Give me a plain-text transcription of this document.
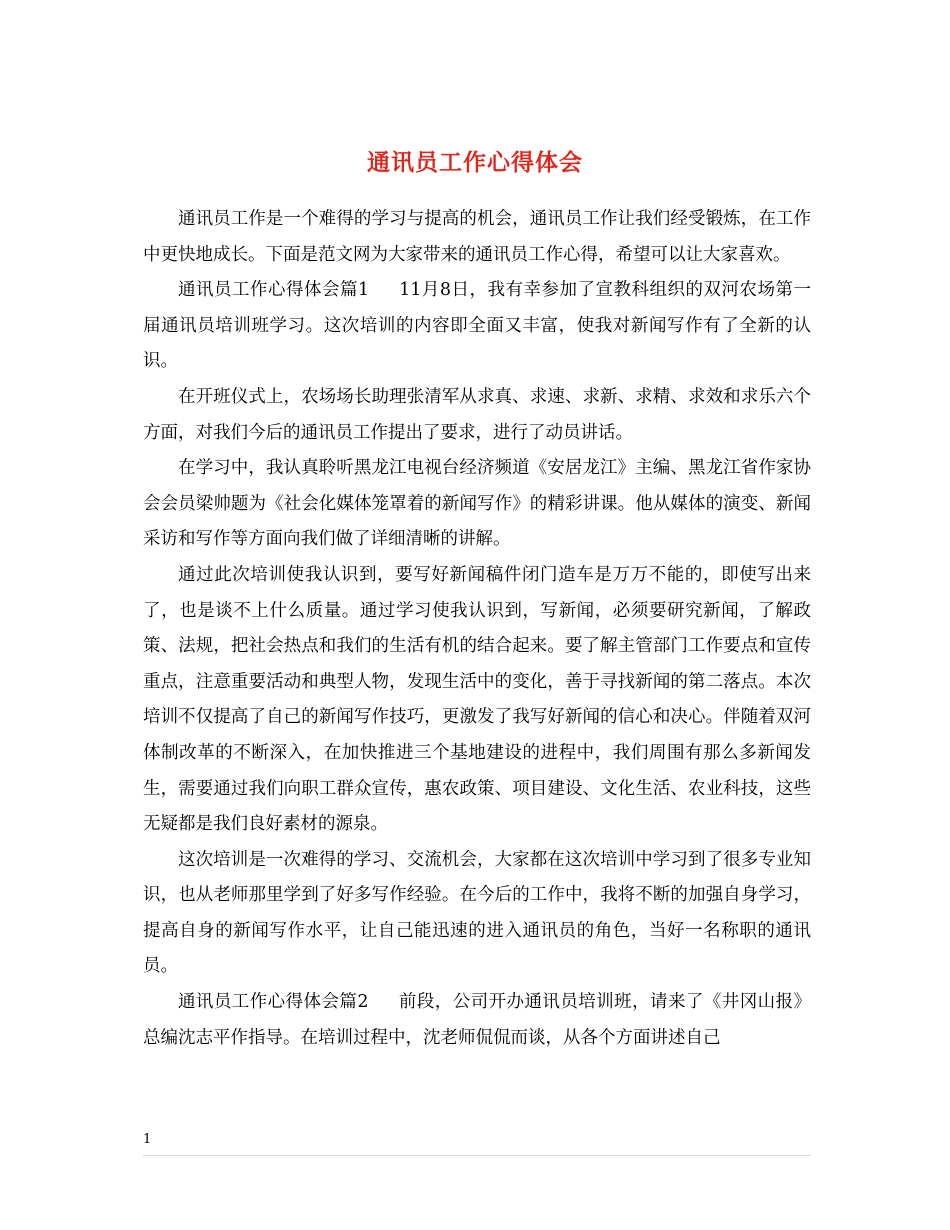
通讯员工作心得体会

通讯员工作是一个难得的学习与提高的机会，通讯员工作让我们经受锻炼，在工作中更快地成长。下面是范文网为大家带来的通讯员工作心得，希望可以让大家喜欢。

通讯员工作心得体会篇1 11月8日，我有幸参加了宣教科组织的双河农场第一届通讯员培训班学习。这次培训的内容即全面又丰富，使我对新闻写作有了全新的认识。

在开班仪式上，农场场长助理张清军从求真、求速、求新、求精、求效和求乐六个方面，对我们今后的通讯员工作提出了要求，进行了动员讲话。

在学习中，我认真聆听黑龙江电视台经济频道《安居龙江》主编、黑龙江省作家协会会员梁帅题为《社会化媒体笼罩着的新闻写作》的精彩讲课。他从媒体的演变、新闻采访和写作等方面向我们做了详细清晰的讲解。

通过此次培训使我认识到，要写好新闻稿件闭门造车是万万不能的，即使写出来了，也是谈不上什么质量。通过学习使我认识到，写新闻，必须要研究新闻，了解政策、法规，把社会热点和我们的生活有机的结合起来。要了解主管部门工作要点和宣传重点，注意重要活动和典型人物，发现生活中的变化，善于寻找新闻的第二落点。本次培训不仅提高了自己的新闻写作技巧，更激发了我写好新闻的信心和决心。伴随着双河体制改革的不断深入，在加快推进三个基地建设的进程中，我们周围有那么多新闻发生，需要通过我们向职工群众宣传，惠农政策、项目建设、文化生活、农业科技，这些无疑都是我们良好素材的源泉。

这次培训是一次难得的学习、交流机会，大家都在这次培训中学习到了很多专业知识，也从老师那里学到了好多写作经验。在今后的工作中，我将不断的加强自身学习，提高自身的新闻写作水平，让自己能迅速的进入通讯员的角色，当好一名称职的通讯员。

通讯员工作心得体会篇2 前段，公司开办通讯员培训班，请来了《井冈山报》总编沈志平作指导。在培训过程中，沈老师侃侃而谈，从各个方面讲述自己

1
